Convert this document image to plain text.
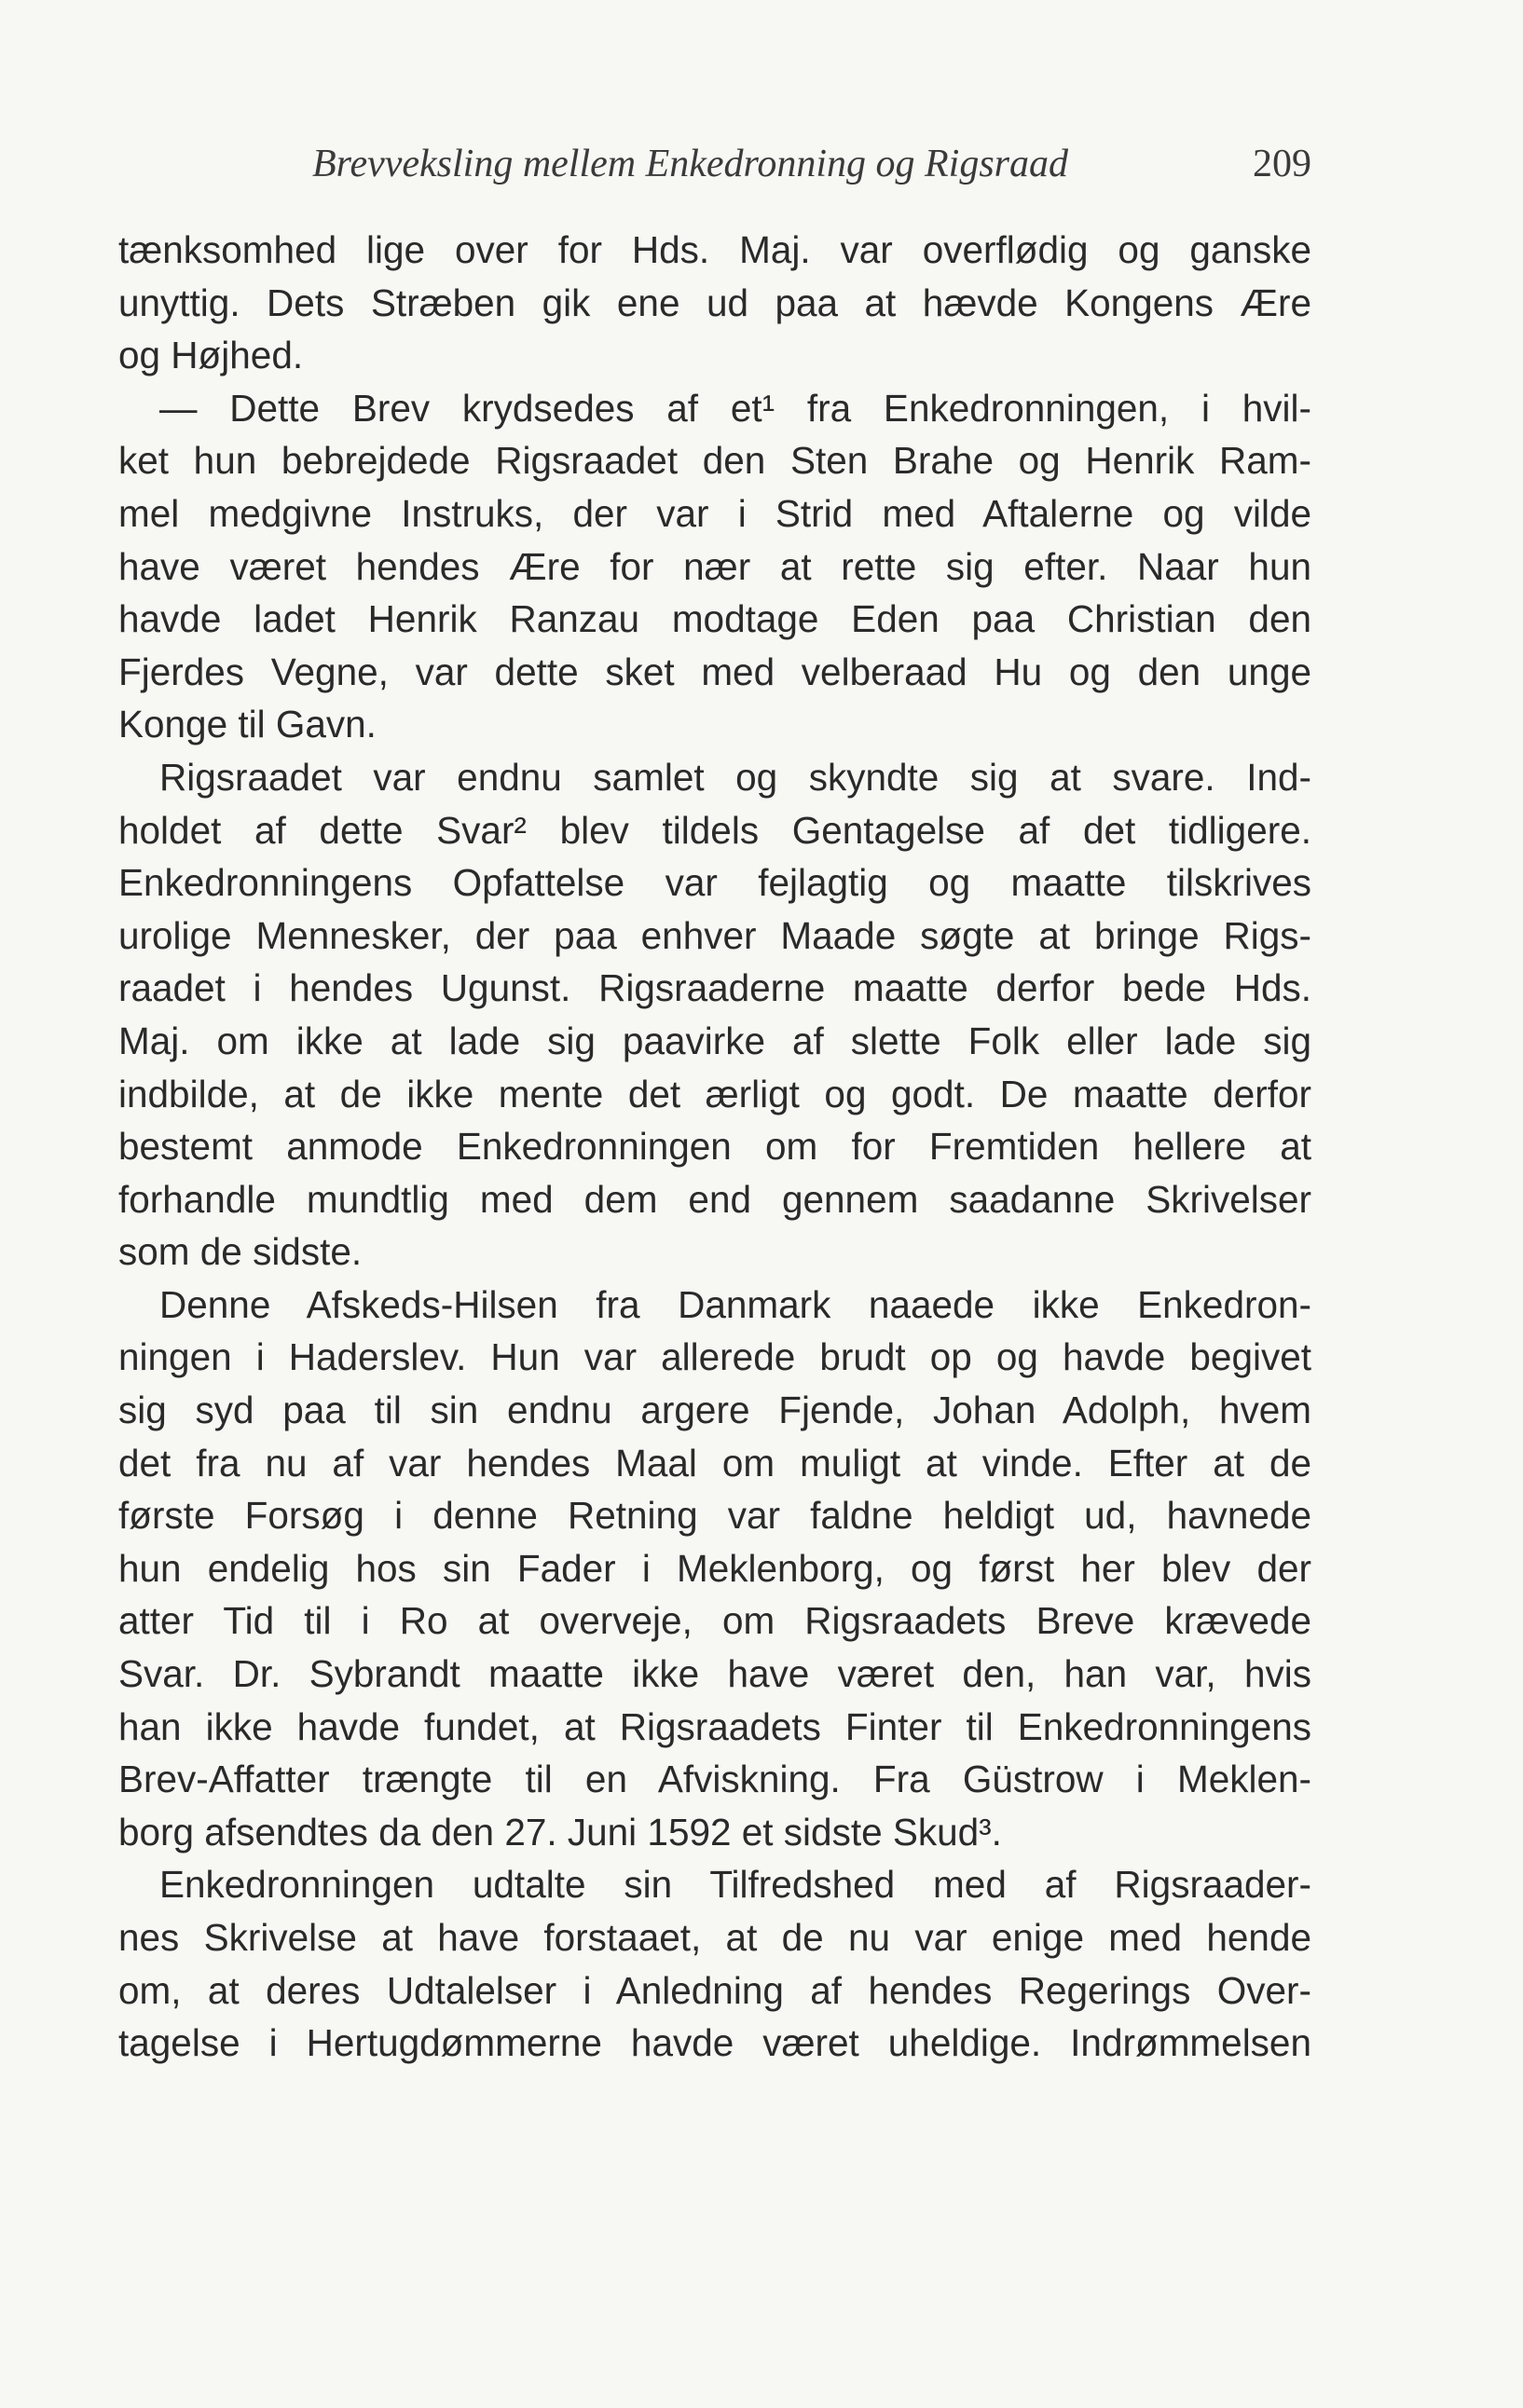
Brevveksling mellem Enkedronning og Rigsraad	209
tænksomhed lige over for Hds. Maj. var overflødig og ganske
unyttig. Dets Stræben gik ene ud paa at hævde Kongens Ære
og Højhed.
— Dette Brev krydsedes af et¹ fra Enkedronningen, i hvil-
ket hun bebrejdede Rigsraadet den Sten Brahe og Henrik Ram-
mel medgivne Instruks, der var i Strid med Aftalerne og vilde
have været hendes Ære for nær at rette sig efter. Naar hun
havde ladet Henrik Ranzau modtage Eden paa Christian den
Fjerdes Vegne, var dette sket med velberaad Hu og den unge
Konge til Gavn.
Rigsraadet var endnu samlet og skyndte sig at svare. Ind-
holdet af dette Svar² blev tildels Gentagelse af det tidligere.
Enkedronningens Opfattelse var fejlagtig og maatte tilskrives
urolige Mennesker, der paa enhver Maade søgte at bringe Rigs-
raadet i hendes Ugunst. Rigsraaderne maatte derfor bede Hds.
Maj. om ikke at lade sig paavirke af slette Folk eller lade sig
indbilde, at de ikke mente det ærligt og godt. De maatte derfor
bestemt anmode Enkedronningen om for Fremtiden hellere at
forhandle mundtlig med dem end gennem saadanne Skrivelser
som de sidste.
Denne Afskeds-Hilsen fra Danmark naaede ikke Enkedron-
ningen i Haderslev. Hun var allerede brudt op og havde begivet
sig syd paa til sin endnu argere Fjende, Johan Adolph, hvem
det fra nu af var hendes Maal om muligt at vinde. Efter at de
første Forsøg i denne Retning var faldne heldigt ud, havnede
hun endelig hos sin Fader i Meklenborg, og først her blev der
atter Tid til i Ro at overveje, om Rigsraadets Breve krævede
Svar. Dr. Sybrandt maatte ikke have været den, han var, hvis
han ikke havde fundet, at Rigsraadets Finter til Enkedronningens
Brev-Affatter trængte til en Afviskning. Fra Güstrow i Meklen-
borg afsendtes da den 27. Juni 1592 et sidste Skud³.
Enkedronningen udtalte sin Tilfredshed med af Rigsraader-
nes Skrivelse at have forstaaet, at de nu var enige med hende
om, at deres Udtalelser i Anledning af hendes Regerings Over-
tagelse i Hertugdømmerne havde været uheldige. Indrømmelsen
